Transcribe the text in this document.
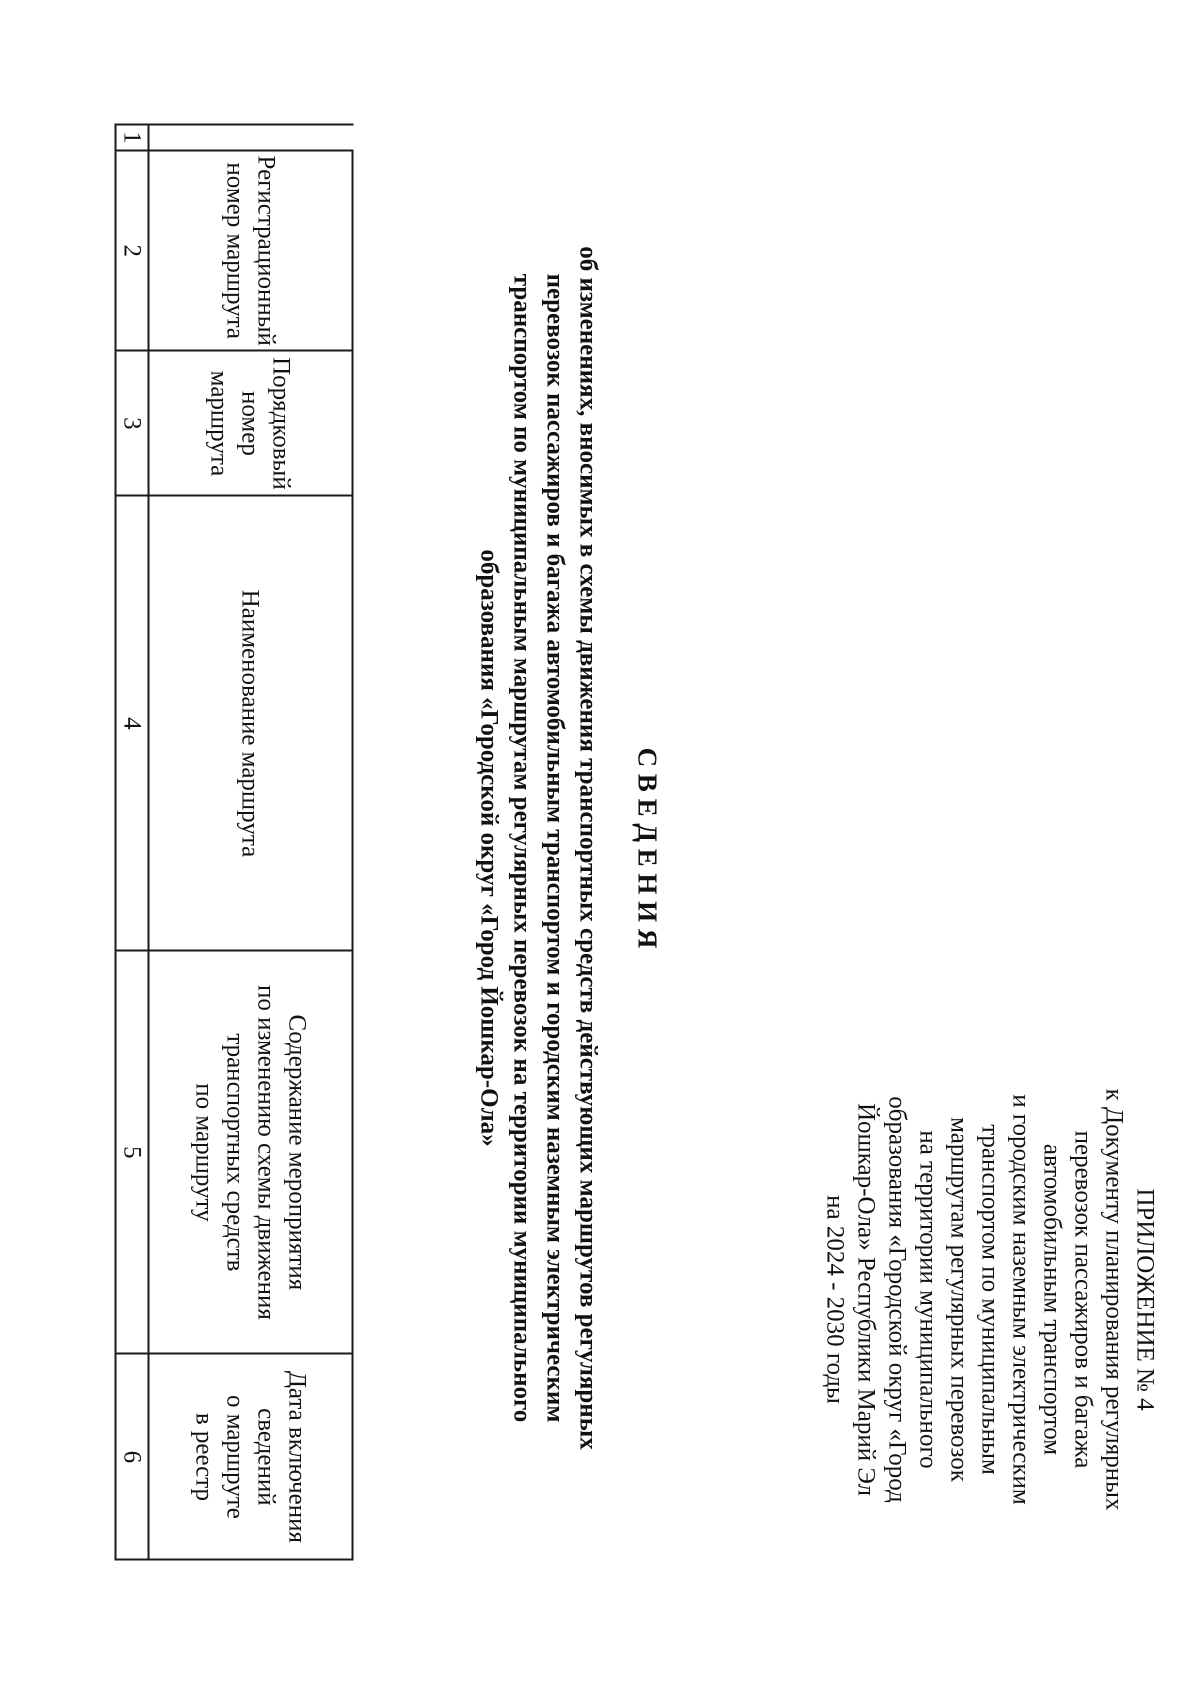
ПРИЛОЖЕНИЕ № 4
к Документу планирования регулярных
перевозок пассажиров и багажа
автомобильным транспортом
и городским наземным электрическим
транспортом по муниципальным
маршрутам регулярных перевозок
на территории муниципального
образования «Городской округ «Город
Йошкар-Ола» Республики Марий Эл
на 2024 - 2030 годы
С В Е Д Е Н И Я
об изменениях, вносимых в схемы движения транспортных средств действующих маршрутов регулярных
перевозок пассажиров и багажа автомобильным транспортом и городским наземным электрическим
транспортом по муниципальным маршрутам регулярных перевозок на территории муниципального
образования «Городской округ «Город Йошкар-Ола»

	Регистрационный
номер маршрута	Порядковый
номер
маршрута	Наименование маршрута	Содержание мероприятия
по изменению схемы движения
транспортных средств
по маршруту	Дата включения
сведений
о маршруте
в реестр

1	2	3	4	5	6
